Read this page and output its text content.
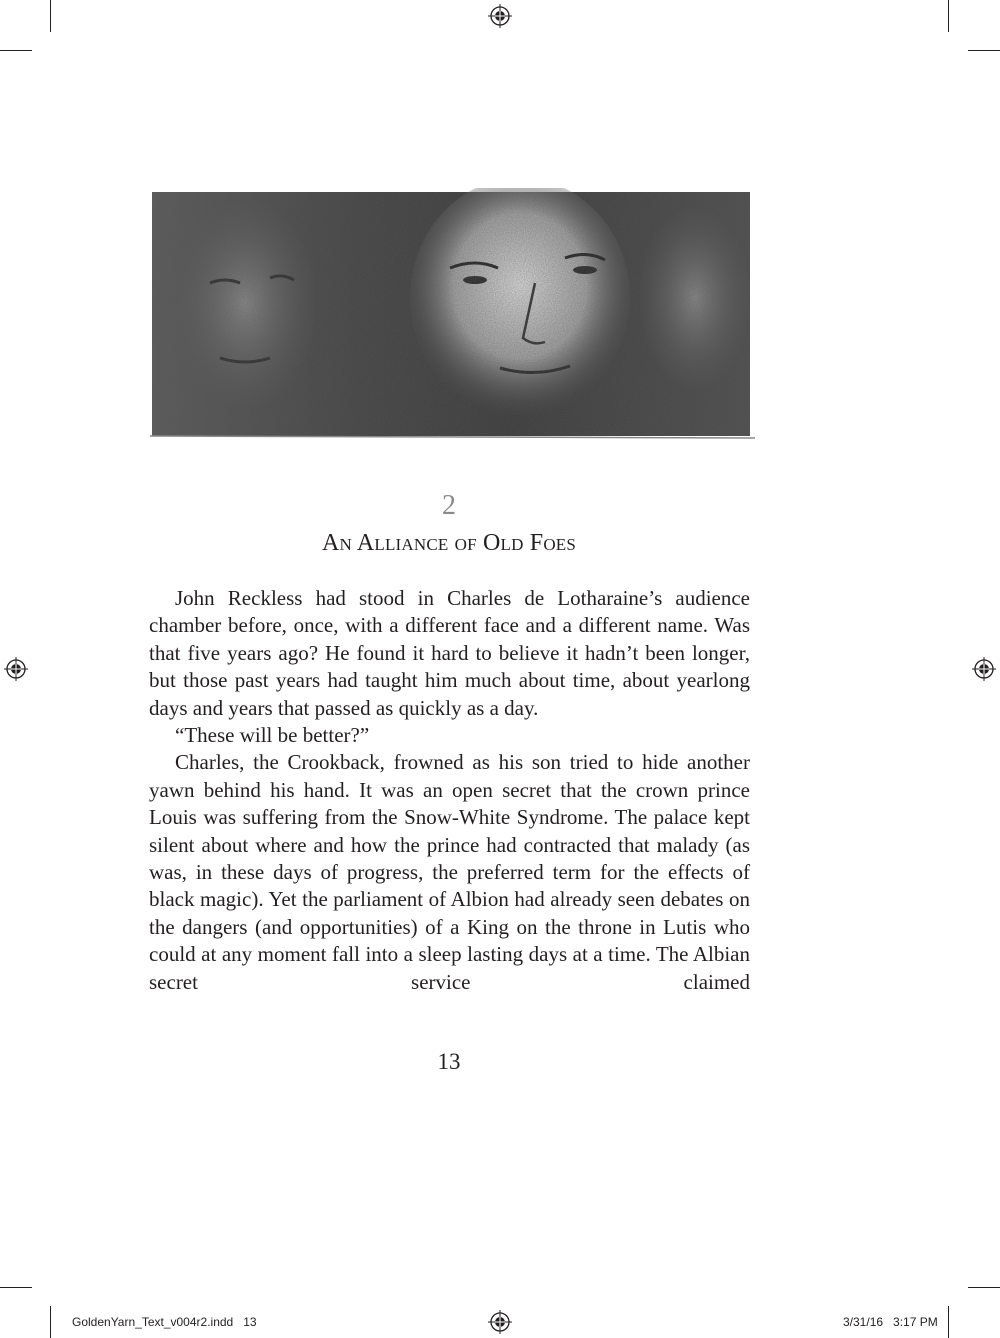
2
An Alliance of Old Foes

John Reckless had stood in Charles de Lotharaine’s audience chamber before, once, with a different face and a different name. Was that five years ago? He found it hard to believe it hadn’t been longer, but those past years had taught him much about time, about yearlong days and years that passed as quickly as a day.

“These will be better?”

Charles, the Crookback, frowned as his son tried to hide another yawn behind his hand. It was an open secret that the crown prince Louis was suffering from the Snow-White Syndrome. The palace kept silent about where and how the prince had contracted that malady (as was, in these days of progress, the preferred term for the effects of black magic). Yet the parliament of Albion had already seen debates on the dangers (and opportunities) of a King on the throne in Lutis who could at any moment fall into a sleep lasting days at a time. The Albian secret service claimed

13
GoldenYarn_Text_v004r2.indd   13	3/31/16   3:17 PM
